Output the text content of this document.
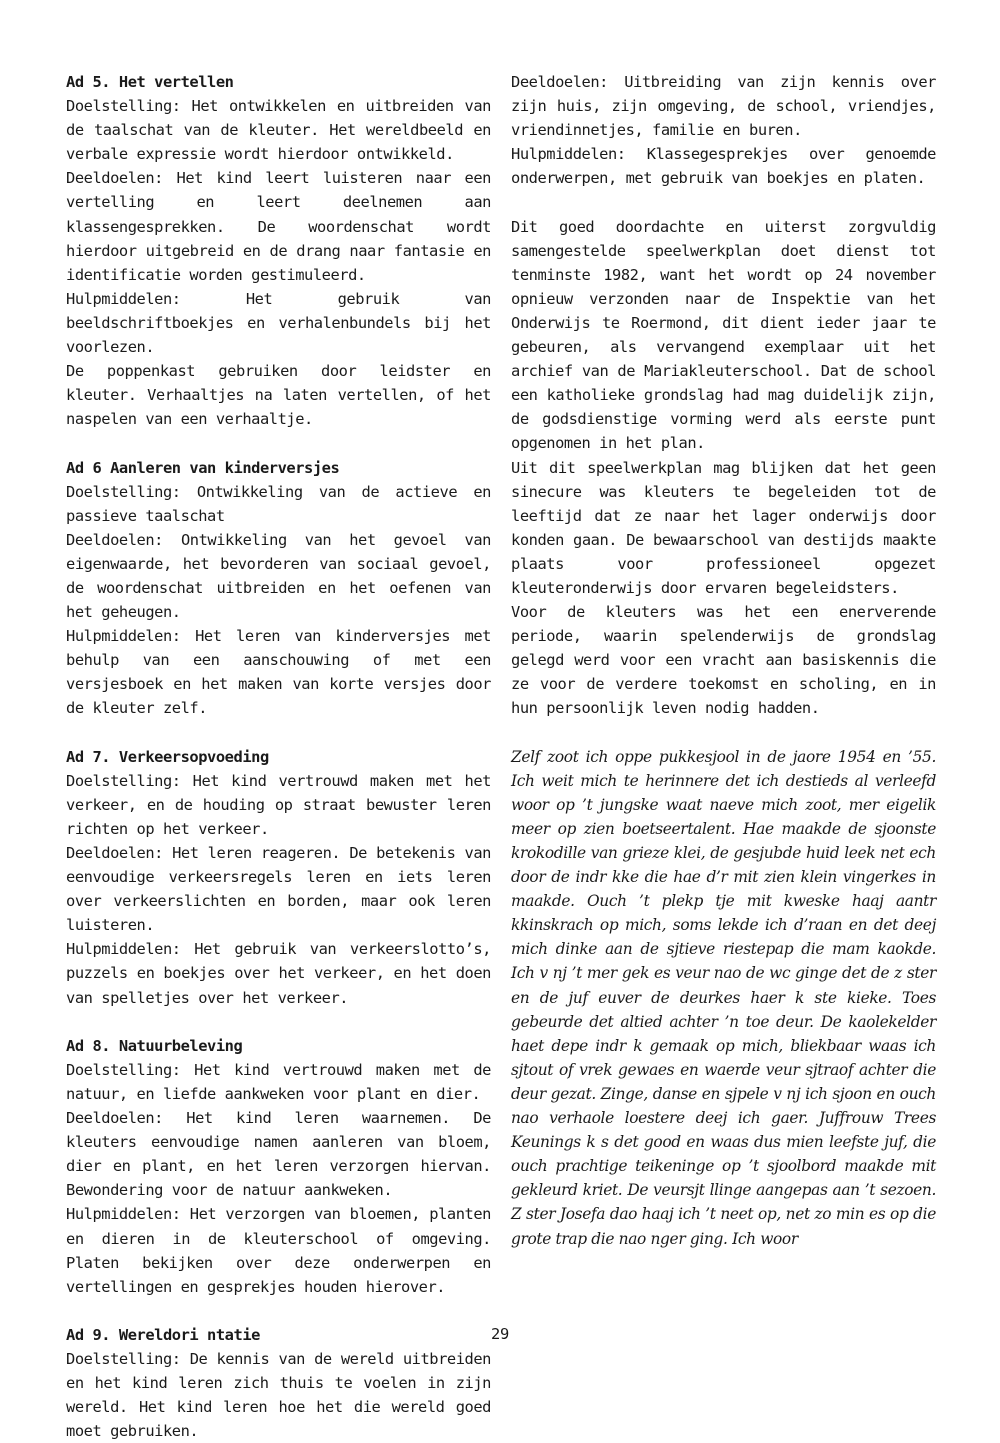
Ad 5. Het vertellen

Doelstelling: Het ontwikkelen en uitbreiden van de taalschat van de kleuter. Het wereldbeeld en verbale expressie wordt hierdoor ontwikkeld.

Deeldoelen: Het kind leert luisteren naar een vertelling en leert deelnemen aan klassengesprekken. De woordenschat wordt hierdoor uitgebreid en de drang naar fantasie en identificatie worden gestimuleerd.

Hulpmiddelen: Het gebruik van beeldschriftboekjes en verhalenbundels bij het voorlezen.

De poppenkast gebruiken door leidster en kleuter. Verhaaltjes na laten vertellen, of het naspelen van een verhaaltje.

Ad 6 Aanleren van kinderversjes

Doelstelling: Ontwikkeling van de actieve en passieve taalschat

Deeldoelen: Ontwikkeling van het gevoel van eigenwaarde, het bevorderen van sociaal gevoel, de woordenschat uitbreiden en het oefenen van het geheugen.

Hulpmiddelen: Het leren van kinderversjes met behulp van een aanschouwing of met een versjesboek en het maken van korte versjes door de kleuter zelf.

Ad 7. Verkeersopvoeding

Doelstelling: Het kind vertrouwd maken met het verkeer, en de houding op straat bewuster leren richten op het verkeer.

Deeldoelen: Het leren reageren. De betekenis van eenvoudige verkeersregels leren en iets leren over verkeerslichten en borden, maar ook leren luisteren.

Hulpmiddelen: Het gebruik van verkeerslotto’s, puzzels en boekjes over het verkeer, en het doen van spelletjes over het verkeer.

Ad 8. Natuurbeleving

Doelstelling: Het kind vertrouwd maken met de natuur, en liefde aankweken voor plant en dier.

Deeldoelen: Het kind leren waarnemen. De kleuters eenvoudige namen aanleren van bloem, dier en plant, en het leren verzorgen hiervan. Bewondering voor de natuur aankweken.

Hulpmiddelen: Het verzorgen van bloemen, planten en dieren in de kleuterschool of omgeving. Platen bekijken over deze onderwerpen en vertellingen en gesprekjes houden hierover.

Ad 9. Wereldori ntatie

Doelstelling: De kennis van de wereld uitbreiden en het kind leren zich thuis te voelen in zijn wereld. Het kind leren hoe het die wereld goed moet gebruiken.

Deeldoelen: Uitbreiding van zijn kennis over zijn huis, zijn omgeving, de school, vriendjes, vriendinnetjes, familie en buren.

Hulpmiddelen: Klassegesprekjes over genoemde onderwerpen, met gebruik van boekjes en platen.

Dit goed doordachte en uiterst zorgvuldig samengestelde speelwerkplan doet dienst tot tenminste 1982, want het wordt op 24 november opnieuw verzonden naar de Inspektie van het Onderwijs te Roermond, dit dient ieder jaar te gebeuren, als vervangend exemplaar uit het archief van de Mariakleuterschool. Dat de school een katholieke grondslag had mag duidelijk zijn, de godsdienstige vorming werd als eerste punt opgenomen in het plan.

Uit dit speelwerkplan mag blijken dat het geen sinecure was kleuters te begeleiden tot de leeftijd dat ze naar het lager onderwijs door konden gaan. De bewaarschool van destijds maakte plaats voor professioneel opgezet kleuteronderwijs door ervaren begeleidsters.

Voor de kleuters was het een enerverende periode, waarin spelenderwijs de grondslag gelegd werd voor een vracht aan basiskennis die ze voor de verdere toekomst en scholing, en in hun persoonlijk leven nodig hadden.

Zelf zoot ich oppe pukkesjool in de jaore 1954 en ’55. Ich weit mich te herinnere det ich destieds al verleefd woor op ’t jungske waat naeve mich zoot, mer eigelik meer op zien boetseertalent. Hae maakde de sjoonste krokodille van grieze klei, de gesjubde huid leek net ech door de indr kke die hae d’r mit zien klein vingerkes in maakde. Ouch ’t plekp tje mit kweske haaj aantr kkinskrach op mich, soms lekde ich d’raan en det deej mich dinke aan de sjtieve riestepap die mam kaokde. Ich v nj ’t mer gek es veur nao de wc ginge det de z ster en de juf euver de deurkes haer k ste kieke. Toes gebeurde det altied achter ’n toe deur. De kaolekelder haet depe indr k gemaak op mich, bliekbaar waas ich sjtout of vrek gewaes en waerde veur sjtraof achter die deur gezat. Zinge, danse en sjpele v nj ich sjoon en ouch nao verhaole loestere deej ich gaer. Juffrouw Trees Keunings k s det good en waas dus mien leefste juf, die ouch prachtige teikeninge op ’t sjoolbord maakde mit gekleurd kriet. De veursjt llinge aangepas aan ’t sezoen. Z ster Josefa dao haaj ich ’t neet op, net zo min es op die grote trap die nao nger ging. Ich woor

29
